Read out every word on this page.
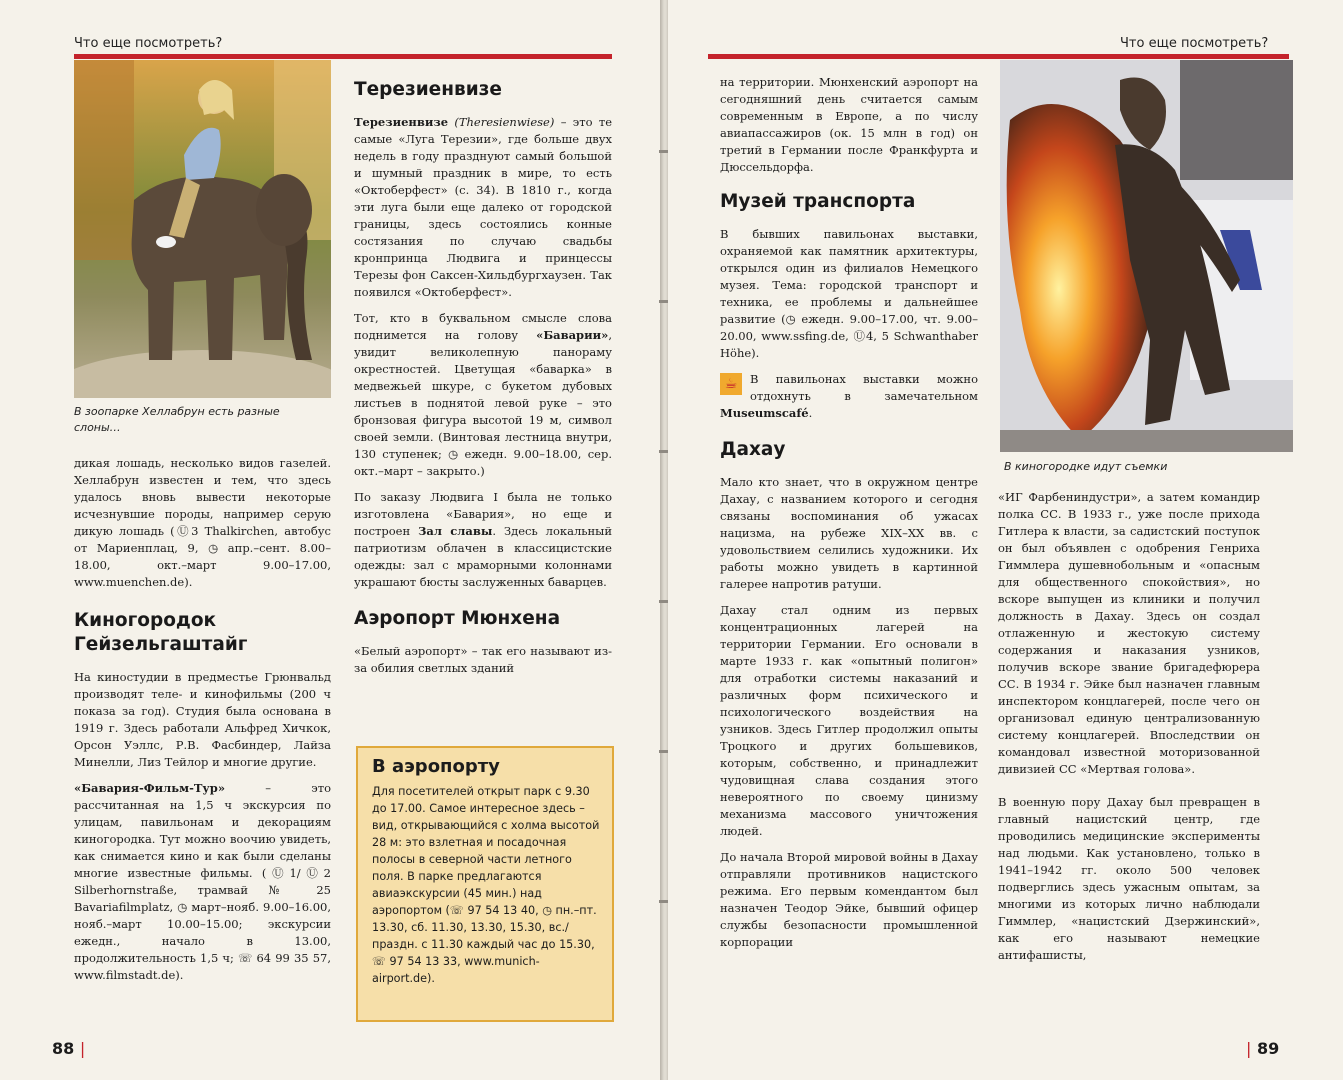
Что еще посмотреть?
В зоопарке Хеллабрун есть разные слоны…

дикая лошадь, несколько видов газелей. Хеллабрун известен и тем, что здесь удалось вновь вывести некоторые исчезнувшие породы, например серую дикую лошадь (Ⓤ3 Thalkirchen, автобус от Мариенплац, 9, ◷ апр.–сент. 8.00–18.00, окт.–март 9.00–17.00, www.muenchen.de).

Киногородок Гейзельгаштайг

На киностудии в предместье Грюнвальд производят теле- и кинофильмы (200 ч показа за год). Студия была основана в 1919 г. Здесь работали Альфред Хичкок, Орсон Уэллс, Р.В. Фасбиндер, Лайза Минелли, Лиз Тейлор и многие другие.

«Бавария-Фильм-Тур» – это рассчитанная на 1,5 ч экскурсия по улицам, павильонам и декорациям киногородка. Тут можно воочию увидеть, как снимается кино и как были сделаны многие известные фильмы. (Ⓤ1/Ⓤ2 Silberhornstraße, трамвай № 25 Bavariafilmplatz, ◷ март–нояб. 9.00–16.00, нояб.–март 10.00–15.00; экскурсии ежедн., начало в 13.00, продолжительность 1,5 ч; ☏ 64 99 35 57, www.filmstadt.de).

Терезиенвизе

Терезиенвизе (Theresienwiese) – это те самые «Луга Терезии», где больше двух недель в году празднуют самый большой и шумный праздник в мире, то есть «Октоберфест» (с. 34). В 1810 г., когда эти луга были еще далеко от городской границы, здесь состоялись конные состязания по случаю свадьбы кронпринца Людвига и принцессы Терезы фон Саксен-Хильдбургхаузен. Так появился «Октоберфест».

Тот, кто в буквальном смысле слова поднимется на голову «Баварии», увидит великолепную панораму окрестностей. Цветущая «баварка» в медвежьей шкуре, с букетом дубовых листьев в поднятой левой руке – это бронзовая фигура высотой 19 м, символ своей земли. (Винтовая лестница внутри, 130 ступенек; ◷ ежедн. 9.00–18.00, сер. окт.–март – закрыто.)

По заказу Людвига I была не только изготовлена «Бавария», но еще и построен Зал славы. Здесь локальный патриотизм облачен в классицистские одежды: зал с мраморными колоннами украшают бюсты заслуженных баварцев.

Аэропорт Мюнхена

«Белый аэропорт» – так его называют из-за обилия светлых зданий

В аэропорту
Для посетителей открыт парк с 9.30 до 17.00. Самое интересное здесь – вид, открывающийся с холма высотой 28 м: это взлетная и посадочная полосы в северной части летного поля. В парке предлагаются авиаэкскурсии (45 мин.) над аэропортом (☏ 97 54 13 40, ◷ пн.–пт. 13.30, сб. 11.30, 13.30, 15.30, вс./праздн. с 11.30 каждый час до 15.30, ☏ 97 54 13 33, www.munich-airport.de).
88 |
Что еще посмотреть?

на территории. Мюнхенский аэропорт на сегодняшний день считается самым современным в Европе, а по числу авиапассажиров (ок. 15 млн в год) он третий в Германии после Франкфурта и Дюссельдорфа.

Музей транспорта

В бывших павильонах выставки, охраняемой как памятник архитектуры, открылся один из филиалов Немецкого музея. Тема: городской транспорт и техника, ее проблемы и дальнейшее развитие (◷ ежедн. 9.00–17.00, чт. 9.00–20.00, www.ssfing.de, Ⓤ4, 5 Schwanthaber Höhe).

☕	В павильонах выставки можно отдохнуть в замечательном Museumscafé.

Дахау

Мало кто знает, что в окружном центре Дахау, с названием которого и сегодня связаны воспоминания об ужасах нацизма, на рубеже XIX–XX вв. с удовольствием селились художники. Их работы можно увидеть в картинной галерее напротив ратуши.

Дахау стал одним из первых концентрационных лагерей на территории Германии. Его основали в марте 1933 г. как «опытный полигон» для отработки системы наказаний и различных форм психического и психологического воздействия на узников. Здесь Гитлер продолжил опыты Троцкого и других большевиков, которым, собственно, и принадлежит чудовищная слава создания этого невероятного по своему цинизму механизма массового уничтожения людей.

До начала Второй мировой войны в Дахау отправляли противников нацистского режима. Его первым комендантом был назначен Теодор Эйке, бывший офицер службы безопасности промышленной корпорации

В киногородке идут съемки

«ИГ Фарбениндустри», а затем командир полка СС. В 1933 г., уже после прихода Гитлера к власти, за садистский поступок он был объявлен с одобрения Генриха Гиммлера душевнобольным и «опасным для общественного спокойствия», но вскоре выпущен из клиники и получил должность в Дахау. Здесь он создал отлаженную и жестокую систему содержания и наказания узников, получив вскоре звание бригадефюрера СС. В 1934 г. Эйке был назначен главным инспектором концлагерей, после чего он организовал единую централизованную систему концлагерей. Впоследствии он командовал известной моторизованной дивизией СС «Мертвая голова».

В военную пору Дахау был превращен в главный нацистский центр, где проводились медицинские эксперименты над людьми. Как установлено, только в 1941–1942 гг. около 500 человек подверглись здесь ужасным опытам, за многими из которых лично наблюдали Гиммлер, «нацистский Дзержинский», как его называют немецкие антифашисты,

| 89
